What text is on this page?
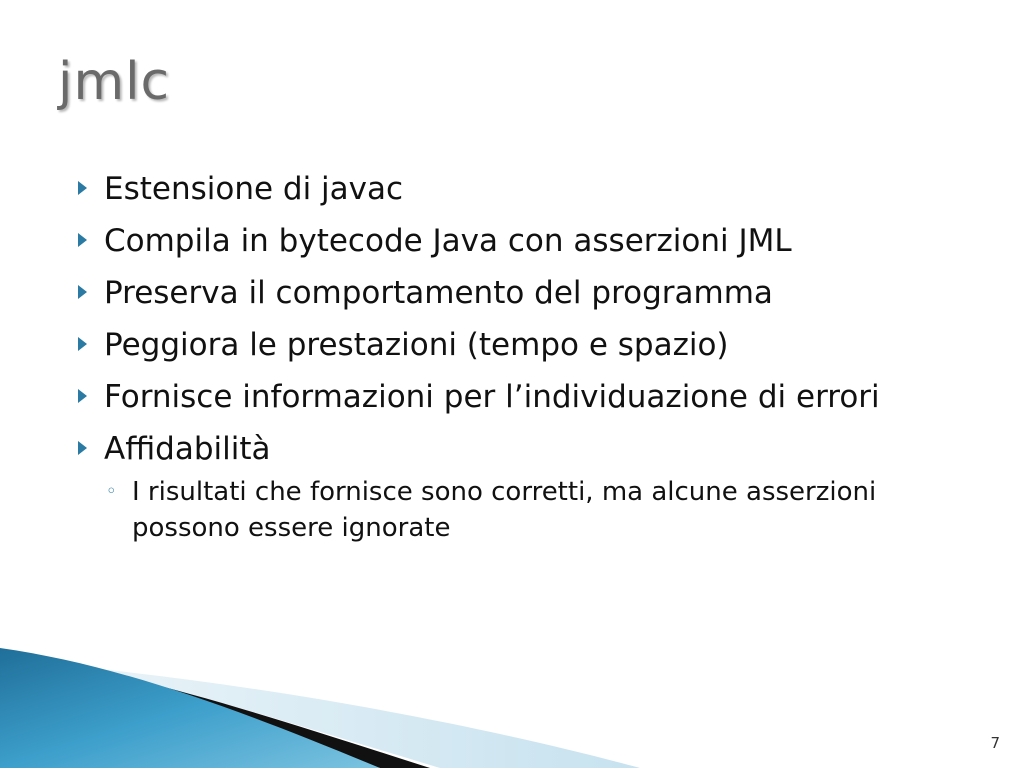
jmlc
Estensione di javac
Compila in bytecode Java con asserzioni JML
Preserva il comportamento del programma
Peggiora le prestazioni (tempo e spazio)
Fornisce informazioni per l’individuazione di errori
Affidabilità
◦ I risultati che fornisce sono corretti, ma alcune asserzioni possono essere ignorate
7
